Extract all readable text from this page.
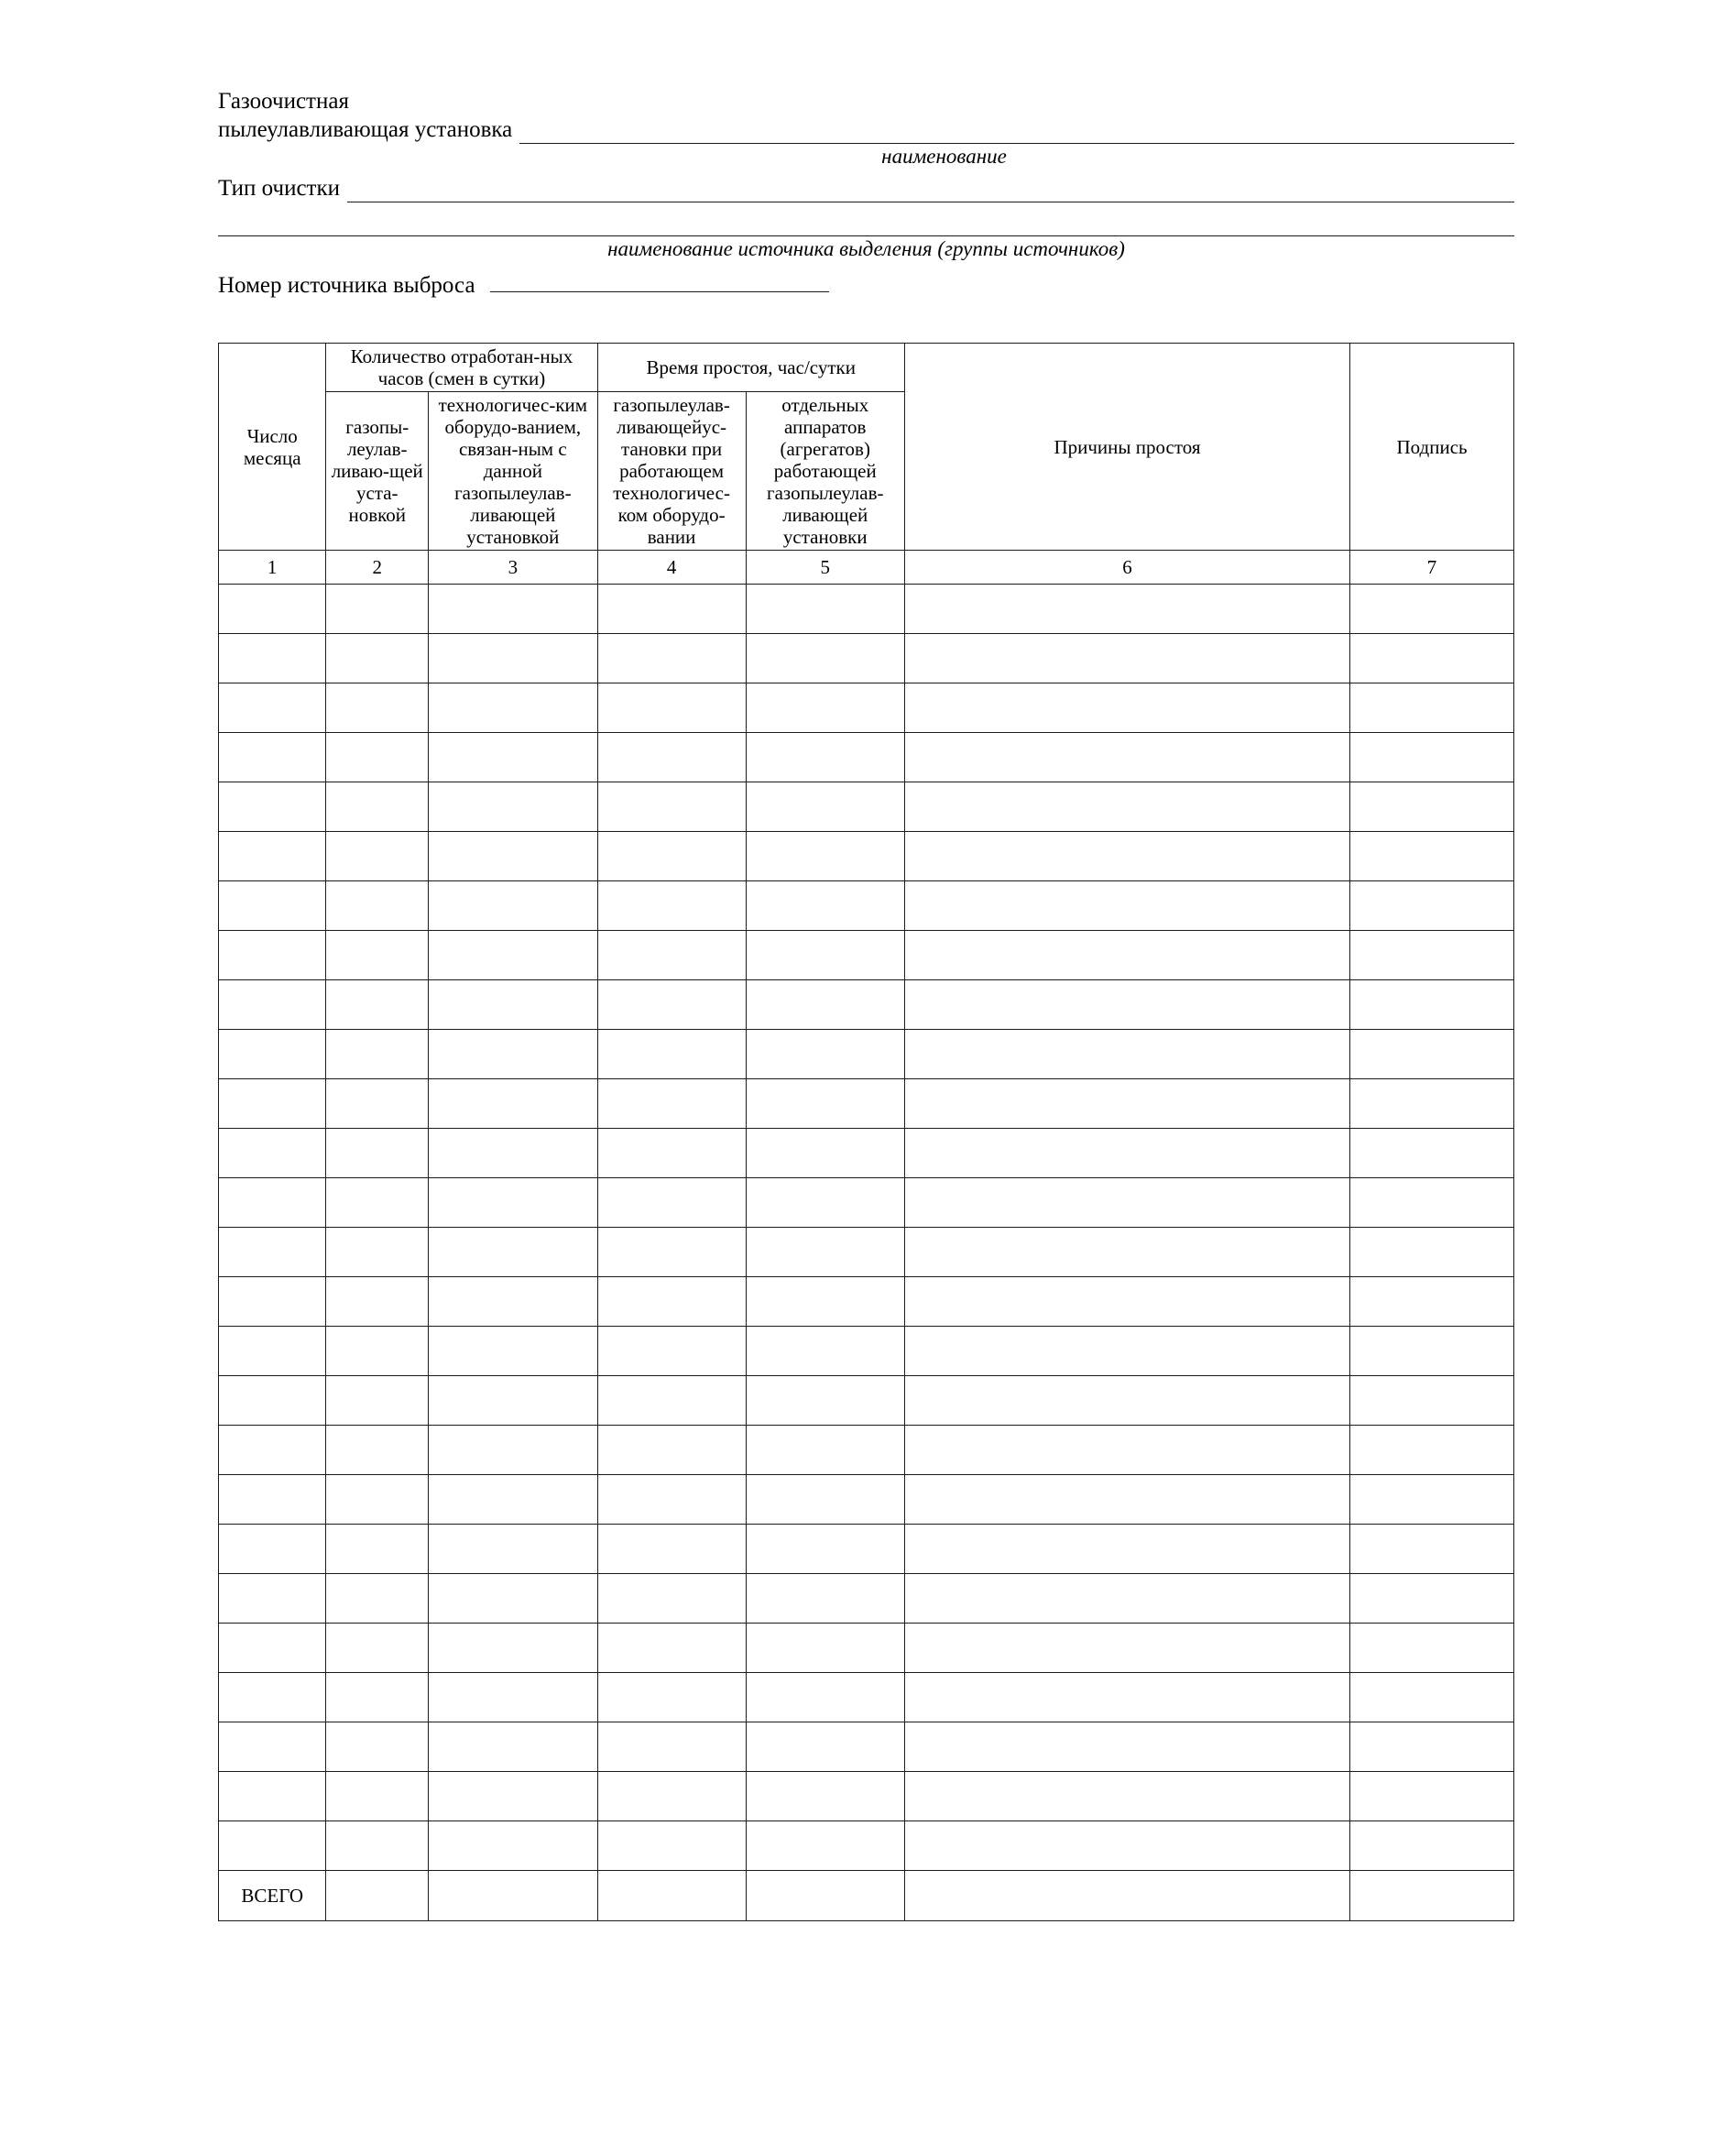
Газоочистная
пылеулавливающая установка
наименование
Тип очистки
наименование источника выделения (группы источников)
Номер источника выброса
Число месяца	Количество отработан-ных часов (смен в сутки)		Время простоя, час/сутки		Причины простоя	Подпись
	газопы-леулав-ливаю-щей уста-новкой	технологичес-ким оборудо-ванием, связан-ным с данной газопылеулав-ливающей установкой	газопылеулав-ливающейус-тановки при работающем технологичес-ком оборудо-вании	отдельных аппаратов (агрегатов) работающей газопылеулав-ливающей установки		
1	2	3	4	5	6	7

ВСЕГО						
